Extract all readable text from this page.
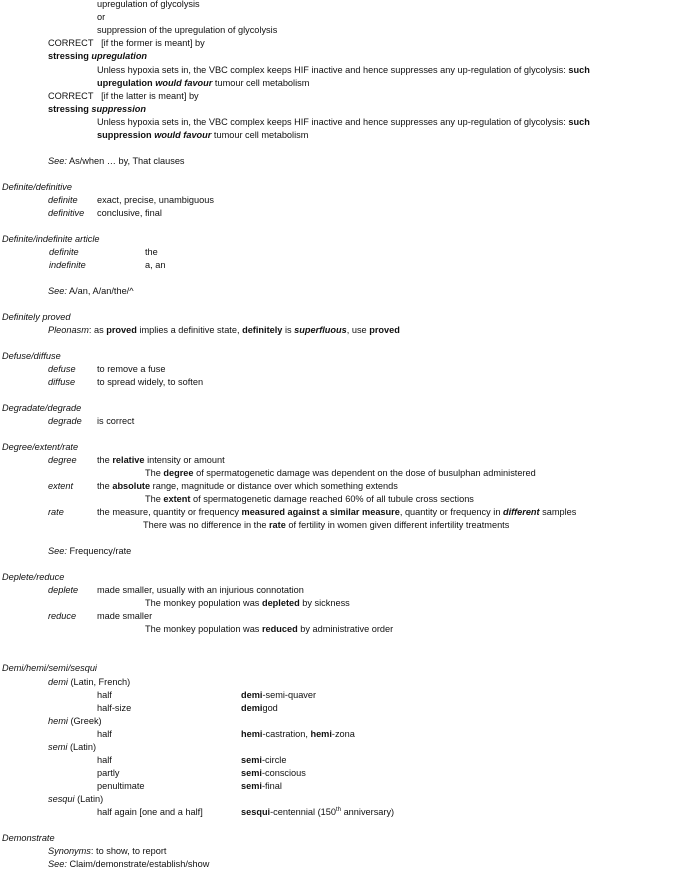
upregulation of glycolysis
or
suppression of the upregulation of glycolysis
CORRECT [if the former is meant] by
stressing upregulation
Unless hypoxia sets in, the VBC complex keeps HIF inactive and hence suppresses any up-regulation of glycolysis: such
upregulation would favour tumour cell metabolism
CORRECT [if the latter is meant] by
stressing suppression
Unless hypoxia sets in, the VBC complex keeps HIF inactive and hence suppresses any up-regulation of glycolysis: such
suppression would favour tumour cell metabolism
See: As/when … by, That clauses
Definite/definitive
definite exact, precise, unambiguous
definitive conclusive, final
Definite/indefinite article
definite	the
indefinite	a, an
See: A/an, A/an/the/^
Definitely proved
Pleonasm: as proved implies a definitive state, definitely is superfluous, use proved
Defuse/diffuse
defuse to remove a fuse
diffuse to spread widely, to soften
Degradate/degrade
degrade is correct
Degree/extent/rate
degree the relative intensity or amount
The degree of spermatogenetic damage was dependent on the dose of busulphan administered
extent	the absolute range, magnitude or distance over which something extends
The extent of spermatogenetic damage reached 60% of all tubule cross sections
rate	the measure, quantity or frequency measured against a similar measure, quantity or frequency in different samples
There was no difference in the rate of fertility in women given different infertility treatments
See: Frequency/rate
Deplete/reduce
deplete made smaller, usually with an injurious connotation
The monkey population was depleted by sickness
reduce made smaller
The monkey population was reduced by administrative order
Demi/hemi/semi/sesqui
demi (Latin, French)
half	demi-semi-quaver
half-size	demigod
hemi (Greek)
half	hemi-castration, hemi-zona
semi (Latin)
half	semi-circle
partly	semi-conscious
penultimate	semi-final
sesqui (Latin)
half again [one and a half]	sesqui-centennial (150th anniversary)
Demonstrate
Synonyms: to show, to report
See: Claim/demonstrate/establish/show
